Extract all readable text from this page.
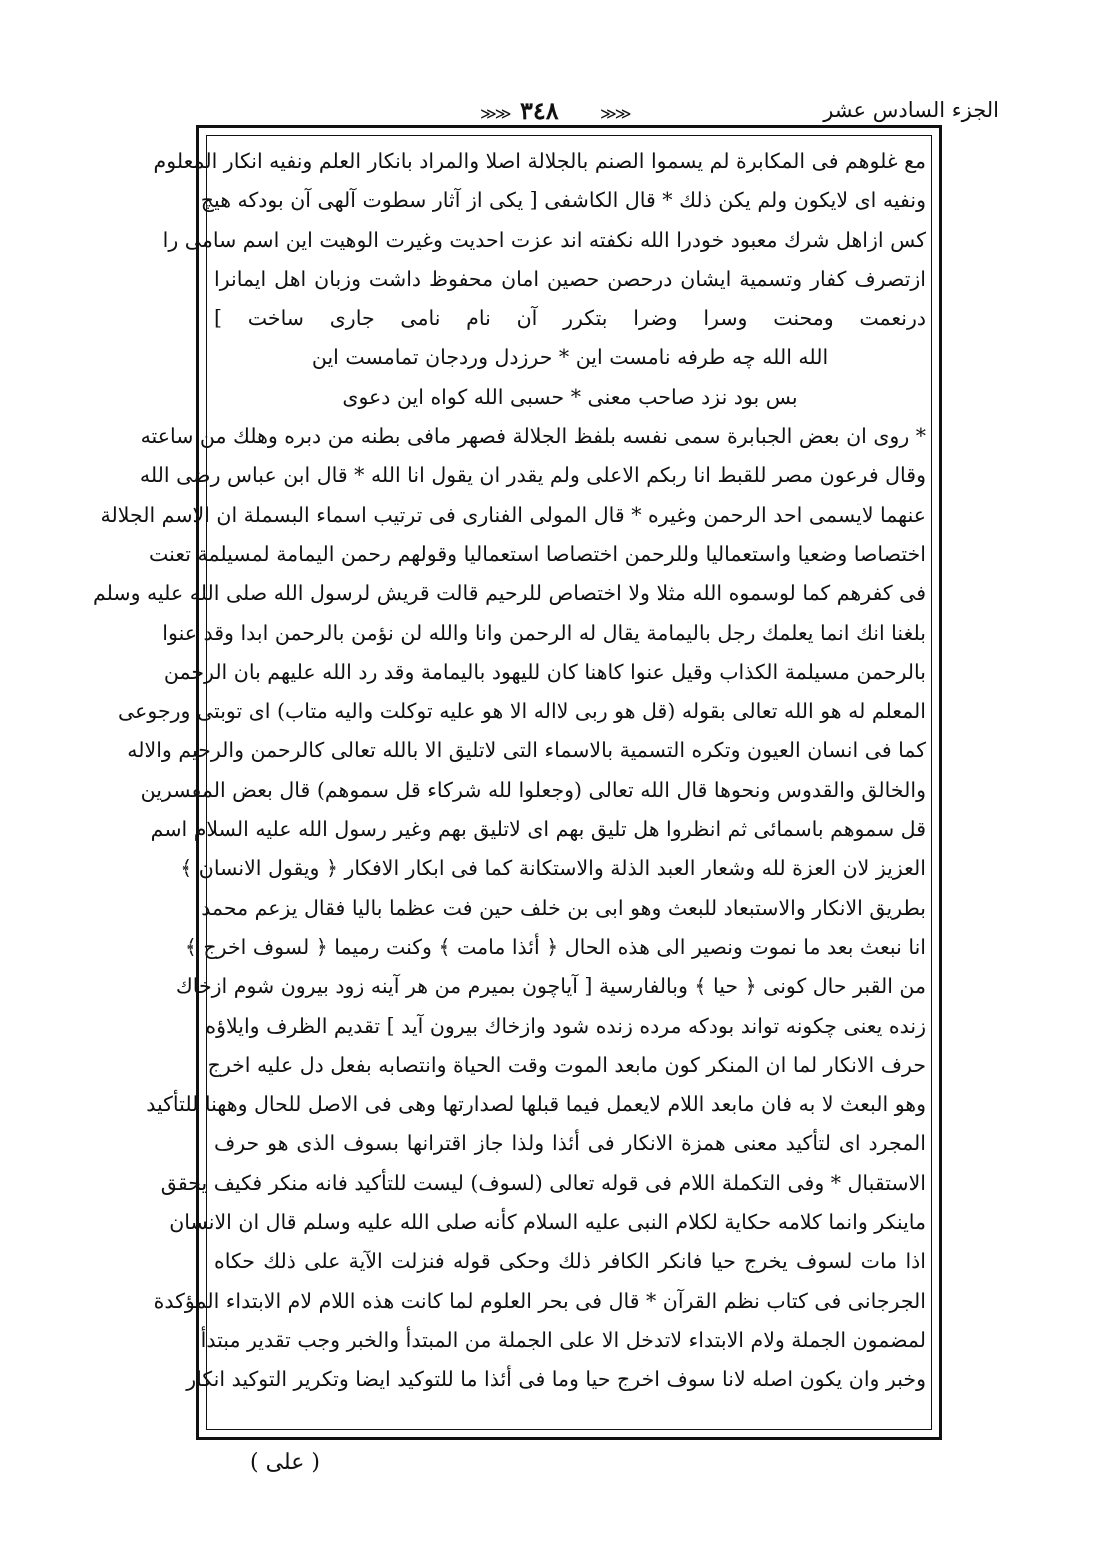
الجزء السادس عشر
≫≫ ٣٤٨	≫≫
مع غلوهم فى المكابرة لم يسموا الصنم بالجلالة اصلا والمراد بانكار العلم ونفيه انكار المعلوم
ونفيه اى لايكون ولم يكن ذلك * قال الكاشفى [ يكى از آثار سطوت آلهى آن بودكه هيچ
كس ازاهل شرك معبود خودرا الله نكفته اند عزت احديت وغيرت الوهيت اين اسم سامى را
ازتصرف كفار وتسمية ايشان درحصن حصين امان محفوظ داشت وزبان اهل ايمانرا
درنعمت ومحنت وسرا وضرا بتكرر آن نام نامى جارى ساخت ]
الله الله چه طرفه نامست اين * حرزدل وردجان تمامست اين
بس بود نزد صاحب معنى * حسبى الله كواه اين دعوى
* روى ان بعض الجبابرة سمى نفسه بلفظ الجلالة فصهر مافى بطنه من دبره وهلك من ساعته
وقال فرعون مصر للقبط انا ربكم الاعلى ولم يقدر ان يقول انا الله * قال ابن عباس رضى الله
عنهما لايسمى احد الرحمن وغيره * قال المولى الفنارى فى ترتيب اسماء البسملة ان الاسم الجلالة
اختصاصا وضعيا واستعماليا وللرحمن اختصاصا استعماليا وقولهم رحمن اليمامة لمسيلمة تعنت
فى كفرهم كما لوسموه الله مثلا ولا اختصاص للرحيم قالت قريش لرسول الله صلى الله عليه وسلم
بلغنا انك انما يعلمك رجل باليمامة يقال له الرحمن وانا والله لن نؤمن بالرحمن ابدا وقد عنوا
بالرحمن مسيلمة الكذاب وقيل عنوا كاهنا كان لليهود باليمامة وقد رد الله عليهم بان الرحمن
المعلم له هو الله تعالى بقوله (قل هو ربى لااله الا هو عليه توكلت واليه متاب) اى توبتى ورجوعى
كما فى انسان العيون وتكره التسمية بالاسماء التى لاتليق الا بالله تعالى كالرحمن والرحيم والاله
والخالق والقدوس ونحوها قال الله تعالى (وجعلوا لله شركاء قل سموهم) قال بعض المفسرين
قل سموهم باسمائى ثم انظروا هل تليق بهم اى لاتليق بهم وغير رسول الله عليه السلام اسم
العزيز لان العزة لله وشعار العبد الذلة والاستكانة كما فى ابكار الافكار ﴿ ويقول الانسان ﴾
بطريق الانكار والاستبعاد للبعث وهو ابى بن خلف حين فت عظما باليا فقال يزعم محمد
انا نبعث بعد ما نموت ونصير الى هذه الحال ﴿ أئذا مامت ﴾ وكنت رميما ﴿ لسوف اخرج ﴾
من القبر حال كونى ﴿ حيا ﴾ وبالفارسية [ آياچون بميرم من هر آينه زود بيرون شوم ازخاك
زنده يعنى چكونه تواند بودكه مرده زنده شود وازخاك بيرون آيد ] تقديم الظرف وايلاؤه
حرف الانكار لما ان المنكر كون مابعد الموت وقت الحياة وانتصابه بفعل دل عليه اخرج
وهو البعث لا به فان مابعد اللام لايعمل فيما قبلها لصدارتها وهى فى الاصل للحال وههنا للتأكيد
المجرد اى لتأكيد معنى همزة الانكار فى أئذا ولذا جاز اقترانها بسوف الذى هو حرف
الاستقبال * وفى التكملة اللام فى قوله تعالى (لسوف) ليست للتأكيد فانه منكر فكيف يحقق
ماينكر وانما كلامه حكاية لكلام النبى عليه السلام كأنه صلى الله عليه وسلم قال ان الانسان
اذا مات لسوف يخرج حيا فانكر الكافر ذلك وحكى قوله فنزلت الآية على ذلك حكاه
الجرجانى فى كتاب نظم القرآن * قال فى بحر العلوم لما كانت هذه اللام لام الابتداء المؤكدة
لمضمون الجملة ولام الابتداء لاتدخل الا على الجملة من المبتدأ والخبر وجب تقدير مبتدأ
وخبر وان يكون اصله لانا سوف اخرج حيا وما فى أئذا ما للتوكيد ايضا وتكرير التوكيد انكار
( على )
